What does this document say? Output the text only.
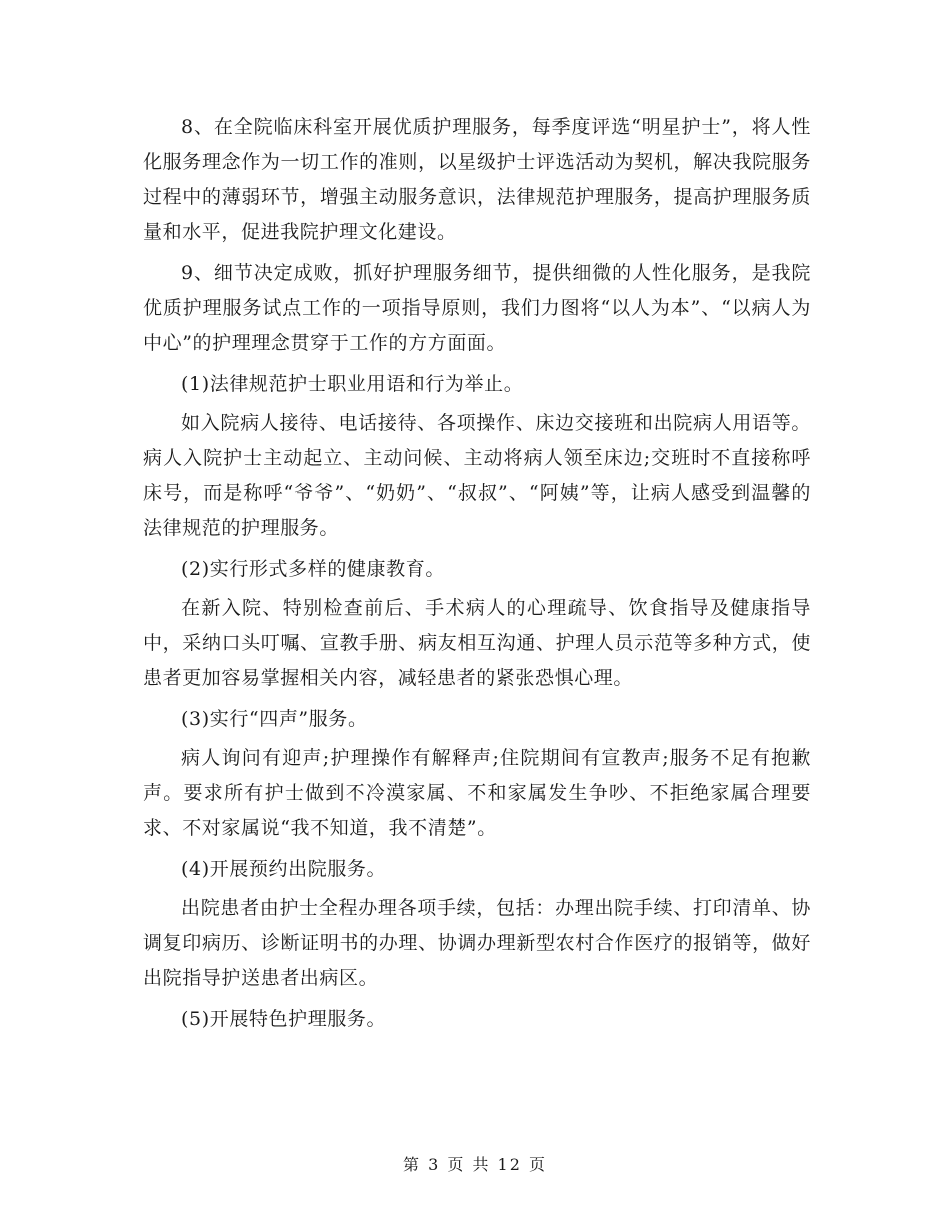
8、在全院临床科室开展优质护理服务，每季度评选“明星护士”，将人性化服务理念作为一切工作的准则，以星级护士评选活动为契机，解决我院服务过程中的薄弱环节，增强主动服务意识，法律规范护理服务，提高护理服务质量和水平，促进我院护理文化建设。

9、细节决定成败，抓好护理服务细节，提供细微的人性化服务，是我院优质护理服务试点工作的一项指导原则，我们力图将“以人为本”、“以病人为中心”的护理理念贯穿于工作的方方面面。

(1)法律规范护士职业用语和行为举止。

如入院病人接待、电话接待、各项操作、床边交接班和出院病人用语等。病人入院护士主动起立、主动问候、主动将病人领至床边;交班时不直接称呼床号，而是称呼“爷爷”、“奶奶”、“叔叔”、“阿姨”等，让病人感受到温馨的法律规范的护理服务。

(2)实行形式多样的健康教育。

在新入院、特别检查前后、手术病人的心理疏导、饮食指导及健康指导中，采纳口头叮嘱、宣教手册、病友相互沟通、护理人员示范等多种方式，使患者更加容易掌握相关内容，减轻患者的紧张恐惧心理。

(3)实行“四声”服务。

病人询问有迎声;护理操作有解释声;住院期间有宣教声;服务不足有抱歉声。要求所有护士做到不冷漠家属、不和家属发生争吵、不拒绝家属合理要求、不对家属说“我不知道，我不清楚”。

(4)开展预约出院服务。

出院患者由护士全程办理各项手续，包括：办理出院手续、打印清单、协调复印病历、诊断证明书的办理、协调办理新型农村合作医疗的报销等，做好出院指导护送患者出病区。

(5)开展特色护理服务。

第 3 页 共 12 页
